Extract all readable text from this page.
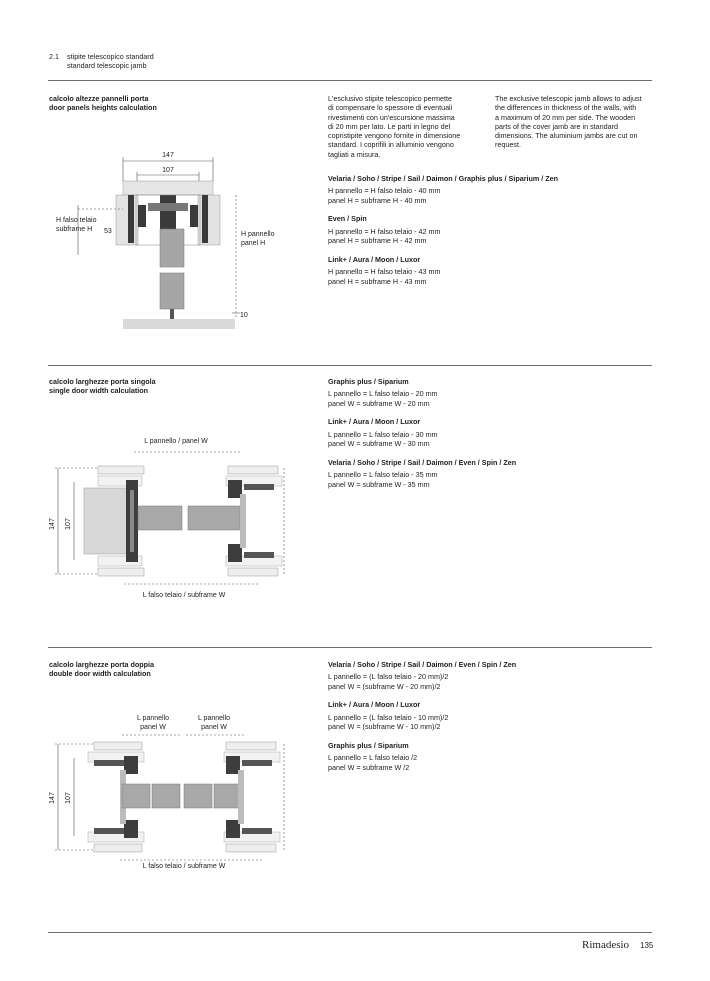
2.1 stipite telescopico standard
standard telescopic jamb
calcolo altezze pannelli porta
door panels heights calculation
L'esclusivo stipite telescopico permette
di compensare lo spessore di eventuali
rivestimenti con un'escursione massima
di 20 mm per lato. Le parti in legno del
copristipite vengono fornite in dimensione
standard. I coprifili in alluminio vengono
tagliati a misura.
The exclusive telescopic jamb allows to adjust
the differences in thickness of the walls, with
a maximum of 20 mm per side. The wooden
parts of the cover jamb are in standard
dimensions. The aluminium jambs are cut on
request.
Velaria / Soho / Stripe / Sail / Daimon / Graphis plus / Siparium / Zen
H pannello = H falso telaio - 40 mm
panel H = subframe H - 40 mm
Even / Spin
H pannello = H falso telaio - 42 mm
panel H = subframe H - 42 mm
Link+ / Aura / Moon / Luxor
H pannello = H falso telaio - 43 mm
panel H = subframe H - 43 mm
147
107
53
10
H falso telaio
subframe H
H pannello
panel H
calcolo larghezze porta singola
single door width calculation
Graphis plus / Siparium
L pannello = L falso telaio - 20 mm
panel W = subframe W - 20 mm
Link+ / Aura / Moon / Luxor
L pannello = L falso telaio - 30 mm
panel W = subframe W - 30 mm
Velaria / Soho / Stripe / Sail / Daimon / Even / Spin / Zen
L pannello = L falso telaio - 35 mm
panel W = subframe W - 35 mm
L pannello / panel W
147 107
L falso telaio / subframe W
calcolo larghezze porta doppia
double door width calculation
Velaria / Soho / Stripe / Sail / Daimon / Even / Spin / Zen
L pannello = (L falso telaio - 20 mm)/2
panel W = (subframe W - 20 mm)/2
Link+ / Aura / Moon / Luxor
L pannello = (L falso telaio - 10 mm)/2
panel W = (subframe W - 10 mm)/2
Graphis plus / Siparium
L pannello = L falso telaio /2
panel W = subframe W /2
L pannello
panel W
L pannello
panel W
147 107
L falso telaio / subframe W
Rimadesio 135
